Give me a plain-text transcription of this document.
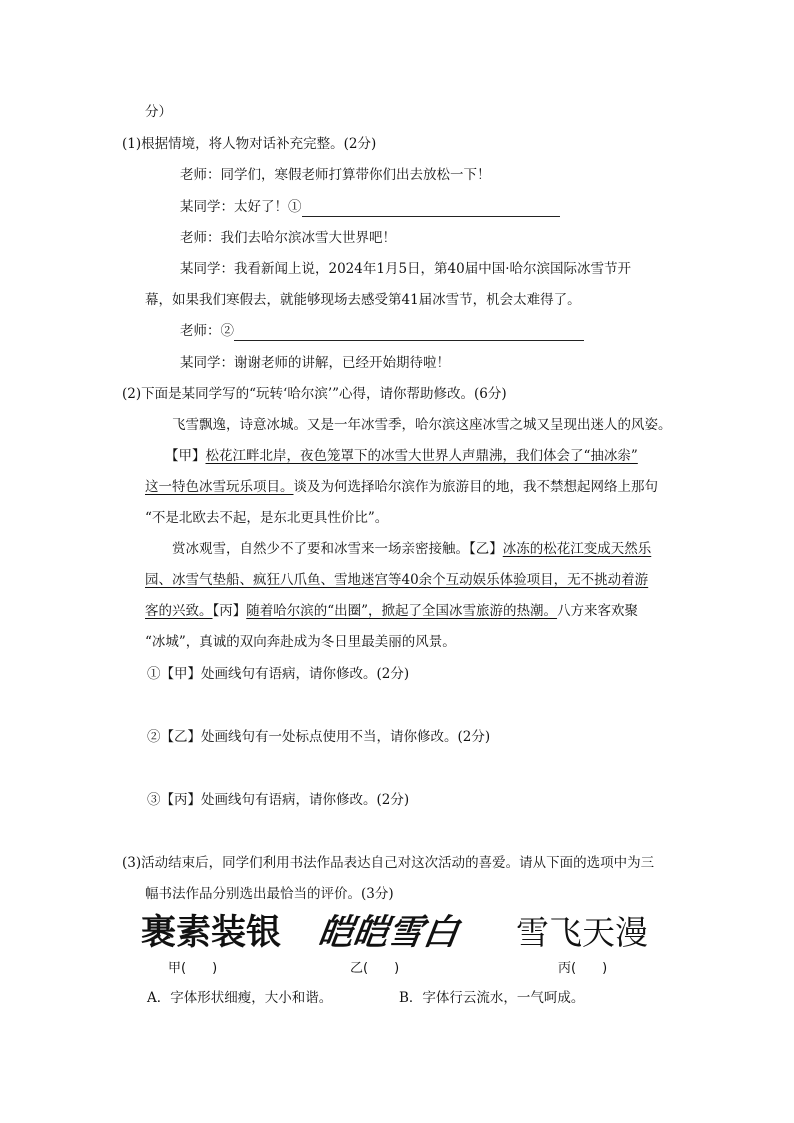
分）
(1)根据情境，将人物对话补充完整。(2分)
老师：同学们，寒假老师打算带你们出去放松一下！
某同学：太好了！①
老师：我们去哈尔滨冰雪大世界吧！
某同学：我看新闻上说，2024年1月5日，第40届中国·哈尔滨国际冰雪节开
幕，如果我们寒假去，就能够现场去感受第41届冰雪节，机会太难得了。
老师：②
某同学：谢谢老师的讲解，已经开始期待啦！
(2)下面是某同学写的“玩转‘哈尔滨’”心得，请你帮助修改。(6分)
飞雪飘逸，诗意冰城。又是一年冰雪季，哈尔滨这座冰雪之城又呈现出迷人的风姿。
【甲】松花江畔北岸，夜色笼罩下的冰雪大世界人声鼎沸，我们体会了“抽冰尜”
这一特色冰雪玩乐项目。谈及为何选择哈尔滨作为旅游目的地，我不禁想起网络上那句
“不是北欧去不起，是东北更具性价比”。
赏冰观雪，自然少不了要和冰雪来一场亲密接触。【乙】冰冻的松花江变成天然乐
园、冰雪气垫船、疯狂八爪鱼、雪地迷宫等40余个互动娱乐体验项目，无不挑动着游
客的兴致。【丙】随着哈尔滨的“出圈”，掀起了全国冰雪旅游的热潮。八方来客欢聚
“冰城”，真诚的双向奔赴成为冬日里最美丽的风景。
①【甲】处画线句有语病，请你修改。(2分)
②【乙】处画线句有一处标点使用不当，请你修改。(2分)
③【丙】处画线句有语病，请你修改。(2分)
(3)活动结束后，同学们利用书法作品表达自己对这次活动的喜爱。请从下面的选项中为三
幅书法作品分别选出最恰当的评价。(3分)
裹素装银 皑皑雪白 雪飞天漫
甲(　　)	乙(　　)	丙(　　)
A．字体形状细瘦，大小和谐。	B．字体行云流水，一气呵成。
